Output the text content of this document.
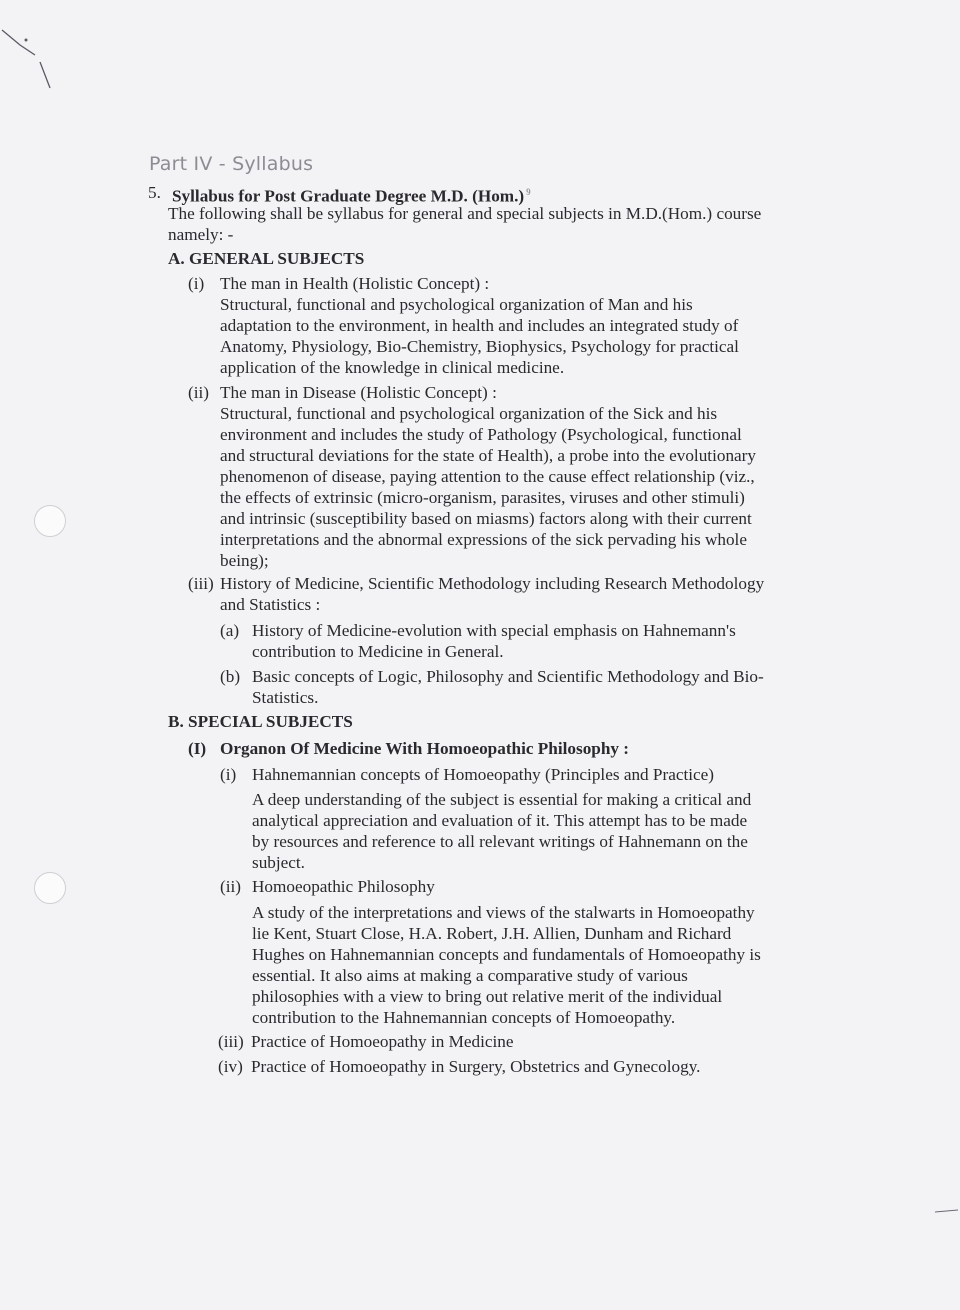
Part IV - Syllabus
5. Syllabus for Post Graduate Degree M.D. (Hom.) $^9$
The following shall be syllabus for general and special subjects in M.D.(Hom.) course
namely: -
A. GENERAL SUBJECTS
(i) The man in Health (Holistic Concept) :
Structural, functional and psychological organization of Man and his
adaptation to the environment, in health and includes an integrated study of
Anatomy, Physiology, Bio-Chemistry, Biophysics, Psychology for practical
application of the knowledge in clinical medicine.
(ii) The man in Disease (Holistic Concept) :
Structural, functional and psychological organization of the Sick and his
environment and includes the study of Pathology (Psychological, functional
and structural deviations for the state of Health), a probe into the evolutionary
phenomenon of disease, paying attention to the cause effect relationship (viz.,
the effects of extrinsic (micro-organism, parasites, viruses and other stimuli)
and intrinsic (susceptibility based on miasms) factors along with their current
interpretations and the abnormal expressions of the sick pervading his whole
being);
(iii) History of Medicine, Scientific Methodology including Research Methodology
and Statistics :
(a) History of Medicine-evolution with special emphasis on Hahnemann's
contribution to Medicine in General.
(b) Basic concepts of Logic, Philosophy and Scientific Methodology and Bio-
Statistics.
B. SPECIAL SUBJECTS
(I) Organon Of Medicine With Homoeopathic Philosophy :
(i) Hahnemannian concepts of Homoeopathy (Principles and Practice)
A deep understanding of the subject is essential for making a critical and
analytical appreciation and evaluation of it. This attempt has to be made
by resources and reference to all relevant writings of Hahnemann on the
subject.
(ii) Homoeopathic Philosophy
A study of the interpretations and views of the stalwarts in Homoeopathy
lie Kent, Stuart Close, H.A. Robert, J.H. Allien, Dunham and Richard
Hughes on Hahnemannian concepts and fundamentals of Homoeopathy is
essential. It also aims at making a comparative study of various
philosophies with a view to bring out relative merit of the individual
contribution to the Hahnemannian concepts of Homoeopathy.
(iii) Practice of Homoeopathy in Medicine
(iv) Practice of Homoeopathy in Surgery, Obstetrics and Gynecology.
